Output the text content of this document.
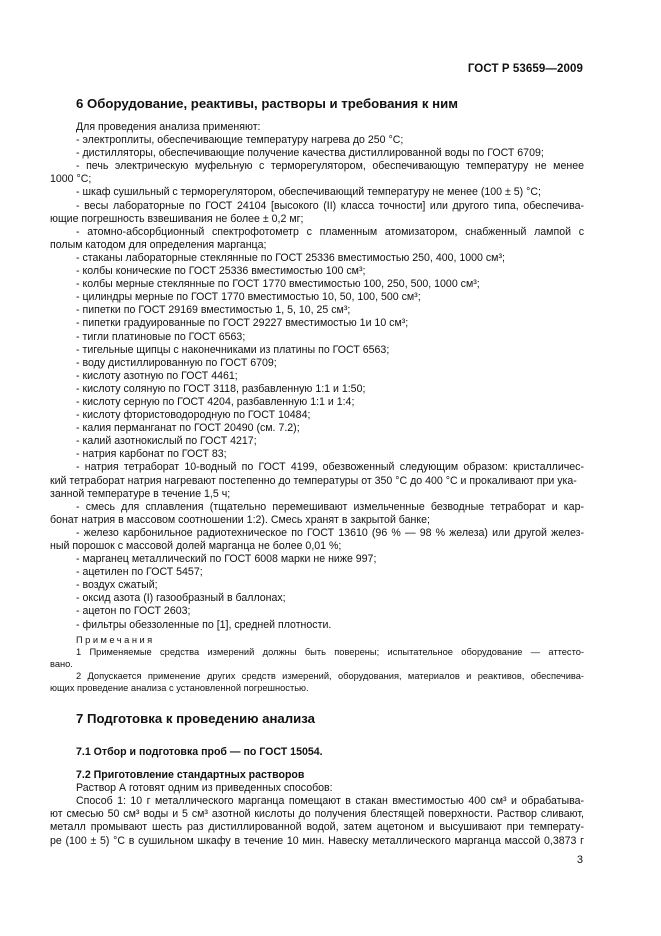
ГОСТ Р 53659—2009
6 Оборудование, реактивы, растворы и требования к ним

Для проведения анализа применяют:

- электроплиты, обеспечивающие температуру нагрева до 250 °С;

- дистилляторы, обеспечивающие получение качества дистиллированной воды по ГОСТ 6709;

- печь электрическую муфельную с терморегулятором, обеспечивающую температуру не менее

1000 °С;

- шкаф сушильный с терморегулятором, обеспечивающий температуру не менее (100 ± 5) °С;

- весы лабораторные по ГОСТ 24104 [высокого (II) класса точности] или другого типа, обеспечива-

ющие погрешность взвешивания не более ± 0,2 мг;

- атомно-абсорбционный спектрофотометр с пламенным атомизатором, снабженный лампой с

полым катодом для определения марганца;

- стаканы лабораторные стеклянные по ГОСТ 25336 вместимостью 250, 400, 1000 см³;

- колбы конические по ГОСТ 25336 вместимостью 100 см³;

- колбы мерные стеклянные по ГОСТ 1770 вместимостью 100, 250, 500, 1000 см³;

- цилиндры мерные по ГОСТ 1770 вместимостью 10, 50, 100, 500 см³;

- пипетки по ГОСТ 29169 вместимостью 1, 5, 10, 25 см³;

- пипетки градуированные по ГОСТ 29227 вместимостью 1и 10 см³;

- тигли платиновые по ГОСТ 6563;

- тигельные щипцы с наконечниками из платины по ГОСТ 6563;

- воду дистиллированную по ГОСТ 6709;

- кислоту азотную по ГОСТ 4461;

- кислоту соляную по ГОСТ 3118, разбавленную 1:1 и 1:50;

- кислоту серную по ГОСТ 4204, разбавленную 1:1 и 1:4;

- кислоту фтористоводородную по ГОСТ 10484;

- калия перманганат по ГОСТ 20490 (см. 7.2);

- калий азотнокислый по ГОСТ 4217;

- натрия карбонат по ГОСТ 83;

- натрия тетраборат 10-водный по ГОСТ 4199, обезвоженный следующим образом: кристалличес-

кий тетраборат натрия нагревают постепенно до температуры от 350 °С до 400 °С и прокаливают при ука-

занной температуре в течение 1,5 ч;

- смесь для сплавления (тщательно перемешивают измельченные безводные тетраборат и кар-

бонат натрия в массовом соотношении 1:2). Смесь хранят в закрытой банке;

- железо карбонильное радиотехническое по ГОСТ 13610 (96 % — 98 % железа) или другой желез-

ный порошок с массовой долей марганца не более 0,01 %;

- марганец металлический по ГОСТ 6008 марки не ниже 997;

- ацетилен по ГОСТ 5457;

- воздух сжатый;

- оксид азота (I) газообразный в баллонах;

- ацетон по ГОСТ 2603;

- фильтры обеззоленные по [1], средней плотности.

Примечания

1 Применяемые средства измерений должны быть поверены; испытательное оборудование — аттесто-

вано.

2 Допускается применение других средств измерений, оборудования, материалов и реактивов, обеспечива-

ющих проведение анализа с установленной погрешностью.

7 Подготовка к проведению анализа

7.1 Отбор и подготовка проб — по ГОСТ 15054.

7.2 Приготовление стандартных растворов

Раствор А готовят одним из приведенных способов:

Способ 1: 10 г металлического марганца помещают в стакан вместимостью 400 см³ и обрабатыва-

ют смесью 50 см³ воды и 5 см³ азотной кислоты до получения блестящей поверхности. Раствор сливают,

металл промывают шесть раз дистиллированной водой, затем ацетоном и высушивают при температу-

ре (100 ± 5) °С в сушильном шкафу в течение 10 мин. Навеску металлического марганца массой 0,3873 г

3
